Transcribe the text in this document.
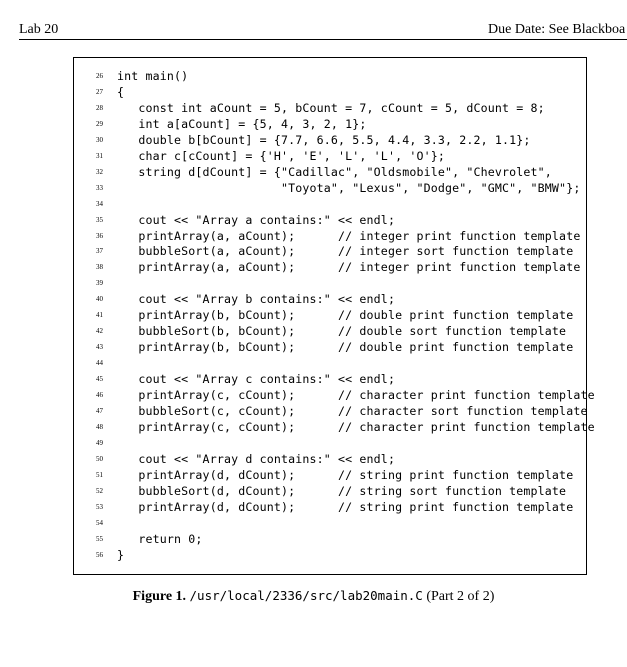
Lab 20	Due Date: See Blackboa
26 int main()
27 {
28 const int aCount = 5, bCount = 7, cCount = 5, dCount = 8;
29 int a[aCount] = {5, 4, 3, 2, 1};
30 double b[bCount] = {7.7, 6.6, 5.5, 4.4, 3.3, 2.2, 1.1};
31 char c[cCount] = {'H', 'E', 'L', 'L', 'O'};
32 string d[dCount] = {"Cadillac", "Oldsmobile", "Chevrolet",
33 "Toyota", "Lexus", "Dodge", "GMC", "BMW"};
34
35 cout << "Array a contains:" << endl;
36 printArray(a, aCount);      // integer print function template
37 bubbleSort(a, aCount);      // integer sort function template
38 printArray(a, aCount);      // integer print function template
39
40 cout << "Array b contains:" << endl;
41 printArray(b, bCount);      // double print function template
42 bubbleSort(b, bCount);      // double sort function template
43 printArray(b, bCount);      // double print function template
44
45 cout << "Array c contains:" << endl;
46 printArray(c, cCount);      // character print function template
47 bubbleSort(c, cCount);      // character sort function template
48 printArray(c, cCount);      // character print function template
49
50 cout << "Array d contains:" << endl;
51 printArray(d, dCount);      // string print function template
52 bubbleSort(d, dCount);      // string sort function template
53 printArray(d, dCount);      // string print function template
54
55 return 0;
56 }
Figure 1. /usr/local/2336/src/lab20main.C (Part 2 of 2)
